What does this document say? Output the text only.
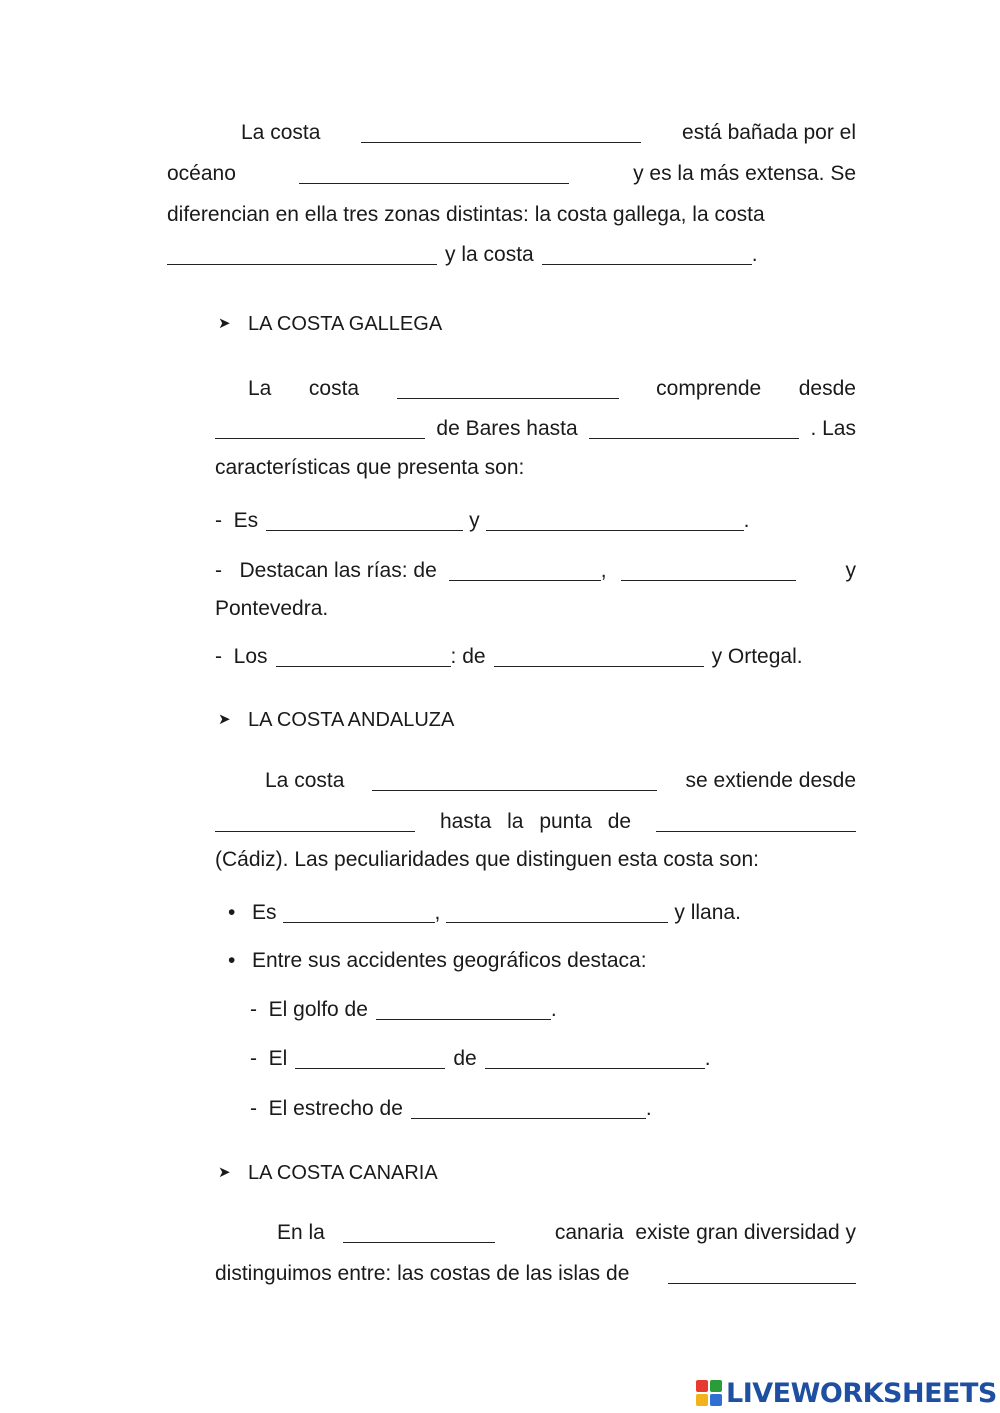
La costa	está bañada por el
océano	y es la más extensa. Se
diferencian en ella tres zonas distintas: la costa gallega, la costa
y la costa	.
➤ LA COSTA GALLEGA
La costa	comprende desde
de Bares hasta	. Las
características que presenta son:
-  Es	y	.
-   Destacan las rías: de	,	y
Pontevedra.
-  Los	: de	y Ortegal.
➤ LA COSTA ANDALUZA
La costa	se extiende desde
hasta la punta de
(Cádiz). Las peculiaridades que distinguen esta costa son:
• Es	,	y llana.
• Entre sus accidentes geográficos destaca:
-  El golfo de	.
-  El	de	.
-  El estrecho de	.
➤ LA COSTA CANARIA
En la	canaria  existe gran diversidad y
distinguimos entre: las costas de las islas de
LIVEWORKSHEETS
